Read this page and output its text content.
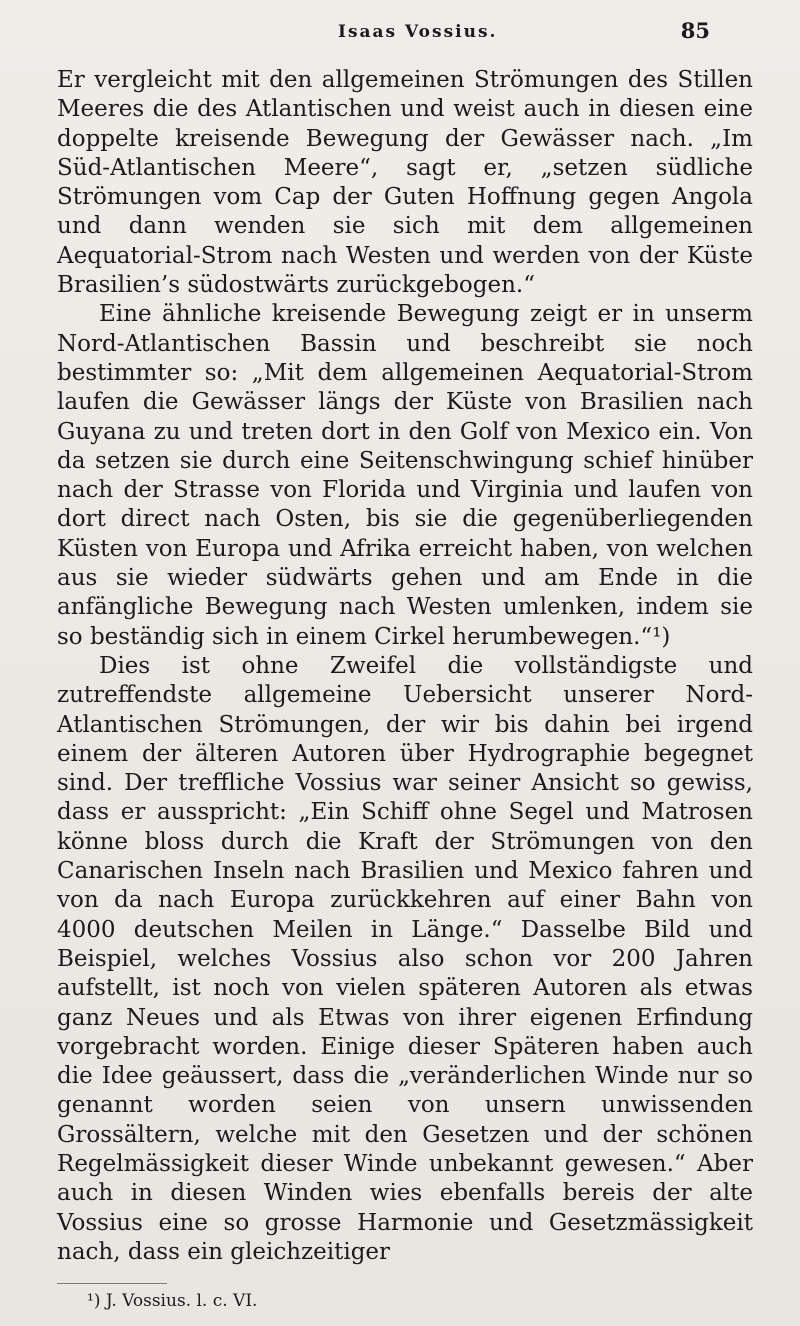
Isaas Vossius.	85

Er vergleicht mit den allgemeinen Strömungen des Stillen Meeres die des Atlantischen und weist auch in diesen eine doppelte kreisende Bewegung der Gewässer nach. „Im Süd-Atlantischen Meere“, sagt er, „setzen südliche Strömungen vom Cap der Guten Hoffnung gegen Angola und dann wenden sie sich mit dem allgemeinen Aequatorial-Strom nach Westen und werden von der Küste Brasilien’s südostwärts zurückgebogen.“

Eine ähnliche kreisende Bewegung zeigt er in unserm Nord-Atlantischen Bassin und beschreibt sie noch bestimmter so: „Mit dem allgemeinen Aequatorial-Strom laufen die Gewässer längs der Küste von Brasilien nach Guyana zu und treten dort in den Golf von Mexico ein. Von da setzen sie durch eine Seitenschwingung schief hinüber nach der Strasse von Florida und Virginia und laufen von dort direct nach Osten, bis sie die gegenüberliegenden Küsten von Europa und Afrika erreicht haben, von welchen aus sie wieder südwärts gehen und am Ende in die anfängliche Bewegung nach Westen umlenken, indem sie so beständig sich in einem Cirkel herumbewegen.“¹)

Dies ist ohne Zweifel die vollständigste und zutreffendste allgemeine Uebersicht unserer Nord-Atlantischen Strömungen, der wir bis dahin bei irgend einem der älteren Autoren über Hydrographie begegnet sind. Der treffliche Vossius war seiner Ansicht so gewiss, dass er ausspricht: „Ein Schiff ohne Segel und Matrosen könne bloss durch die Kraft der Strömungen von den Canarischen Inseln nach Brasilien und Mexico fahren und von da nach Europa zurückkehren auf einer Bahn von 4000 deutschen Meilen in Länge.“ Dasselbe Bild und Beispiel, welches Vossius also schon vor 200 Jahren aufstellt, ist noch von vielen späteren Autoren als etwas ganz Neues und als Etwas von ihrer eigenen Erfindung vorgebracht worden. Einige dieser Späteren haben auch die Idee geäussert, dass die „veränderlichen Winde nur so genannt worden seien von unsern unwissenden Grossältern, welche mit den Gesetzen und der schönen Regelmässigkeit dieser Winde unbekannt gewesen.“ Aber auch in diesen Winden wies ebenfalls bereis der alte Vossius eine so grosse Harmonie und Gesetzmässigkeit nach, dass ein gleichzeitiger

¹) J. Vossius. l. c. VI.
